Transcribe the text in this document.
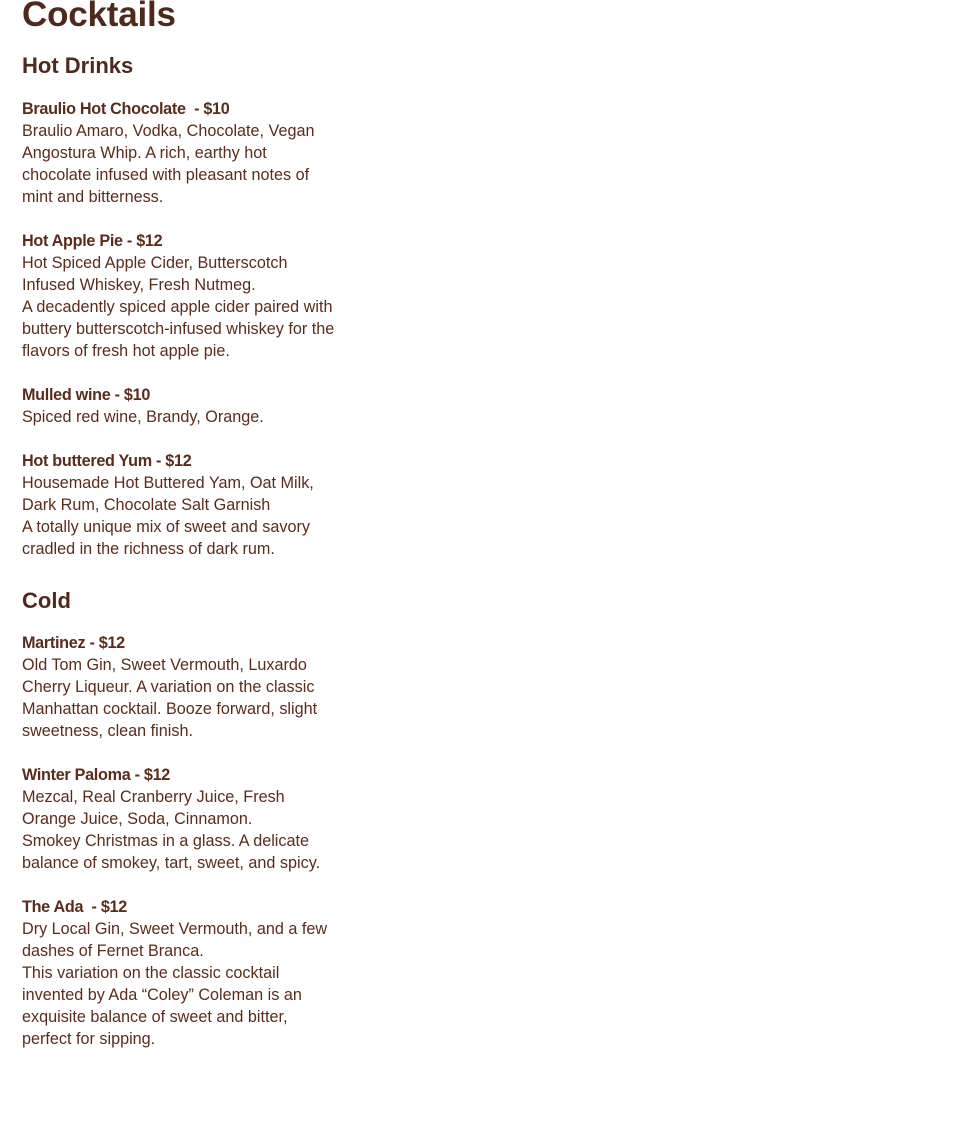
Cocktails
Hot Drinks
Braulio Hot Chocolate  - $10
Braulio Amaro, Vodka, Chocolate, Vegan Angostura Whip. A rich, earthy hot chocolate infused with pleasant notes of mint and bitterness.
Hot Apple Pie - $12
Hot Spiced Apple Cider, Butterscotch Infused Whiskey, Fresh Nutmeg.
A decadently spiced apple cider paired with buttery butterscotch-infused whiskey for the flavors of fresh hot apple pie.
Mulled wine - $10
Spiced red wine, Brandy, Orange.
Hot buttered Yum - $12
Housemade Hot Buttered Yam, Oat Milk, Dark Rum, Chocolate Salt Garnish
A totally unique mix of sweet and savory cradled in the richness of dark rum.
Cold
Martinez - $12
Old Tom Gin, Sweet Vermouth, Luxardo Cherry Liqueur. A variation on the classic Manhattan cocktail. Booze forward, slight sweetness, clean finish.
Winter Paloma - $12
Mezcal, Real Cranberry Juice, Fresh Orange Juice, Soda, Cinnamon.
Smokey Christmas in a glass. A delicate balance of smokey, tart, sweet, and spicy.
The Ada  - $12
Dry Local Gin, Sweet Vermouth, and a few dashes of Fernet Branca.
This variation on the classic cocktail invented by Ada “Coley” Coleman is an exquisite balance of sweet and bitter, perfect for sipping.
